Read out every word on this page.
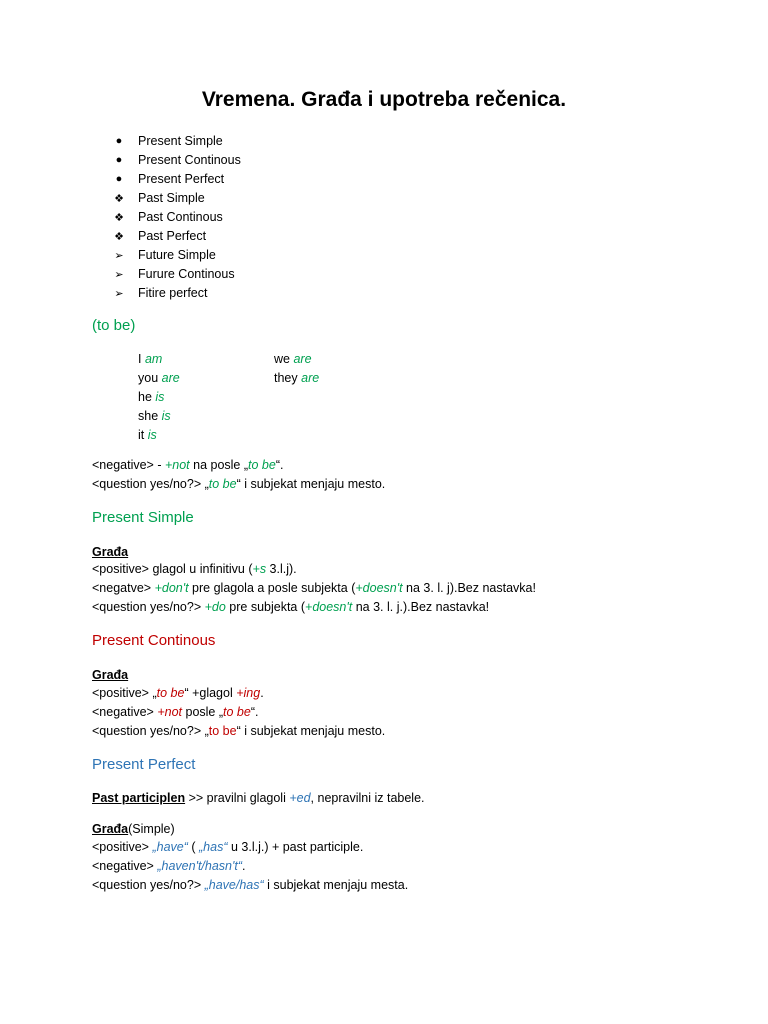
Vremena. Građa i upotreba rečenica.
● Present Simple
● Present Continous
● Present Perfect
❖ Past Simple
❖ Past Continous
❖ Past Perfect
➢ Future Simple
➢ Furure Continous
➢ Fitire perfect
(to be)
I am
you are
he is
she is
it is
we are
they are
<negative> - +not na posle „to be“.
<question yes/no?> „to be“ i subjekat menjaju mesto.
Present Simple
Građa
<positive> glagol u infinitivu (+s 3.l.j).
<negatve> +don't pre glagola a posle subjekta (+doesn't na 3. l. j).Bez nastavka!
<question yes/no?> +do pre subjekta (+doesn't na 3. l. j.).Bez nastavka!
Present Continous
Građa
<positive> „to be“ +glagol +ing.
<negative> +not posle „to be“.
<question yes/no?> „to be“ i subjekat menjaju mesto.
Present Perfect
Past participlen >> pravilni glagoli +ed, nepravilni iz tabele.
Građa(Simple)
<positive> „have“ ( „has“ u 3.l.j.) + past participle.
<negative> „haven't/hasn't“.
<question yes/no?> „have/has“ i subjekat menjaju mesta.
